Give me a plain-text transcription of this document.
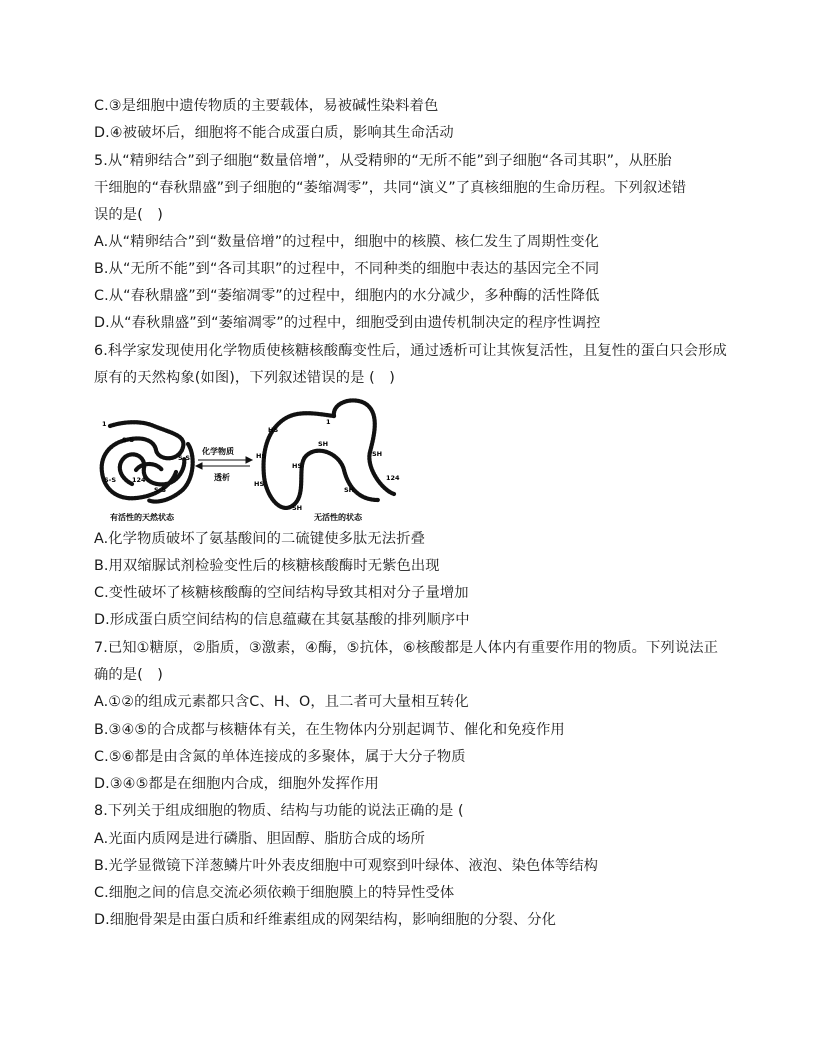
C.③是细胞中遗传物质的主要载体，易被碱性染料着色
D.④被破坏后，细胞将不能合成蛋白质，影响其生命活动
5.从“精卵结合”到子细胞“数量倍增”，从受精卵的“无所不能”到子细胞“各司其职”，从胚胎
干细胞的“春秋鼎盛”到子细胞的“萎缩凋零”，共同“演义”了真核细胞的生命历程。下列叙述错
误的是(　)
A.从“精卵结合”到“数量倍增”的过程中，细胞中的核膜、核仁发生了周期性变化
B.从“无所不能”到“各司其职”的过程中，不同种类的细胞中表达的基因完全不同
C.从“春秋鼎盛”到“萎缩凋零”的过程中，细胞内的水分减少，多种酶的活性降低
D.从“春秋鼎盛”到“萎缩凋零”的过程中，细胞受到由遗传机制决定的程序性调控
6.科学家发现使用化学物质使核糖核酸酶变性后，通过透析可让其恢复活性，且复性的蛋白只会形成
原有的天然构象(如图)，下列叙述错误的是 (　)
1
S-S
S-S
S-S 124
S-S
有活性的天然状态
化学物质
透析
HS
HS
HS
HS
SH
SH
SH
SH
1
124
无活性的状态
A.化学物质破坏了氨基酸间的二硫键使多肽无法折叠
B.用双缩脲试剂检验变性后的核糖核酸酶时无紫色出现
C.变性破坏了核糖核酸酶的空间结构导致其相对分子量增加
D.形成蛋白质空间结构的信息蕴藏在其氨基酸的排列顺序中
7.已知①糖原，②脂质，③激素，④酶，⑤抗体，⑥核酸都是人体内有重要作用的物质。下列说法正
确的是(　)
A.①②的组成元素都只含C、H、O，且二者可大量相互转化
B.③④⑤的合成都与核糖体有关，在生物体内分别起调节、催化和免疫作用
C.⑤⑥都是由含氮的单体连接成的多聚体，属于大分子物质
D.③④⑤都是在细胞内合成，细胞外发挥作用
8.下列关于组成细胞的物质、结构与功能的说法正确的是 (
A.光面内质网是进行磷脂、胆固醇、脂肪合成的场所
B.光学显微镜下洋葱鳞片叶外表皮细胞中可观察到叶绿体、液泡、染色体等结构
C.细胞之间的信息交流必须依赖于细胞膜上的特异性受体
D.细胞骨架是由蛋白质和纤维素组成的网架结构，影响细胞的分裂、分化
